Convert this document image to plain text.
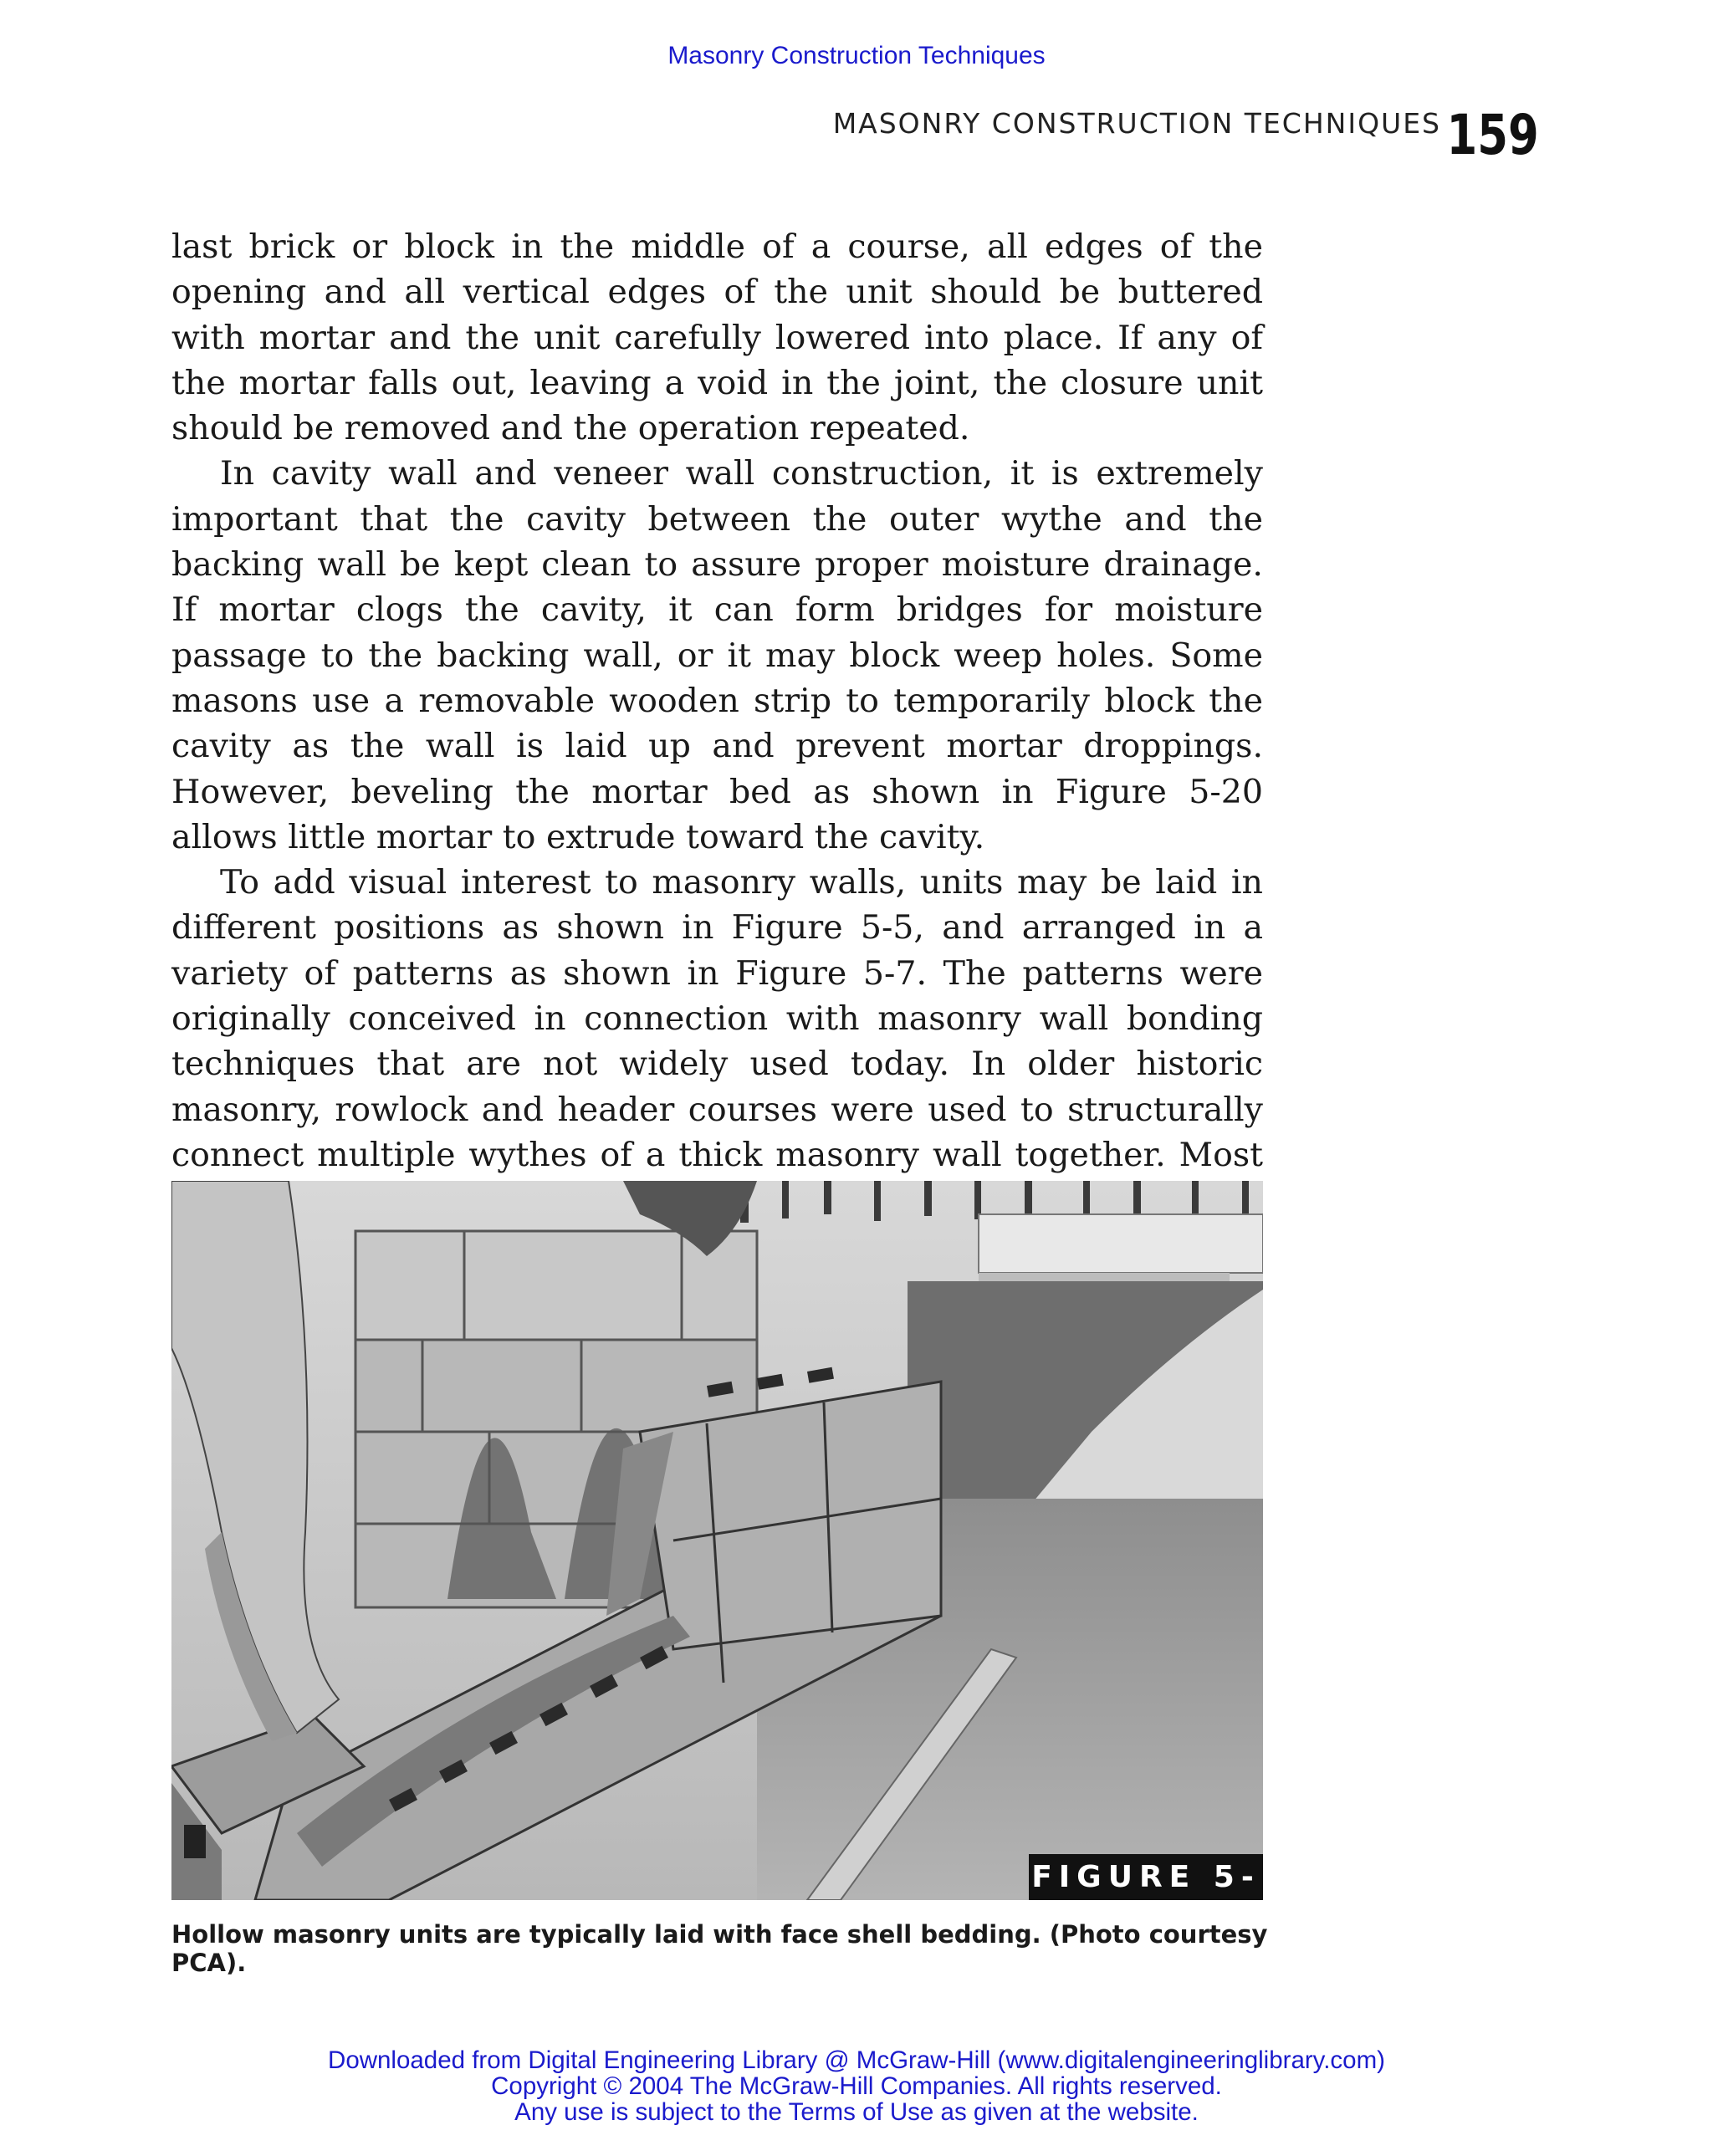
Masonry Construction Techniques
MASONRY CONSTRUCTION TECHNIQUES 159

last brick or block in the middle of a course, all edges of the opening and all vertical edges of the unit should be buttered with mortar and the unit carefully lowered into place. If any of the mortar falls out, leaving a void in the joint, the closure unit should be removed and the operation repeated.

In cavity wall and veneer wall construction, it is extremely important that the cavity between the outer wythe and the backing wall be kept clean to assure proper moisture drainage. If mortar clogs the cavity, it can form bridges for moisture passage to the backing wall, or it may block weep holes. Some masons use a removable wooden strip to temporarily block the cavity as the wall is laid up and prevent mortar droppings. However, beveling the mortar bed as shown in Figure 5-20 allows little mortar to extrude toward the cavity.

To add visual interest to masonry walls, units may be laid in different positions as shown in Figure 5-5, and arranged in a variety of patterns as shown in Figure 5-7. The patterns were originally conceived in connection with masonry wall bonding techniques that are not widely used today. In older historic masonry, rowlock and header courses were used to structurally connect multiple wythes of a thick masonry wall together. Most

FIGURE 5-
Hollow masonry units are typically laid with face shell bedding. (Photo courtesy PCA).
Downloaded from Digital Engineering Library @ McGraw-Hill (www.digitalengineeringlibrary.com)
Copyright © 2004 The McGraw-Hill Companies. All rights reserved.
Any use is subject to the Terms of Use as given at the website.
